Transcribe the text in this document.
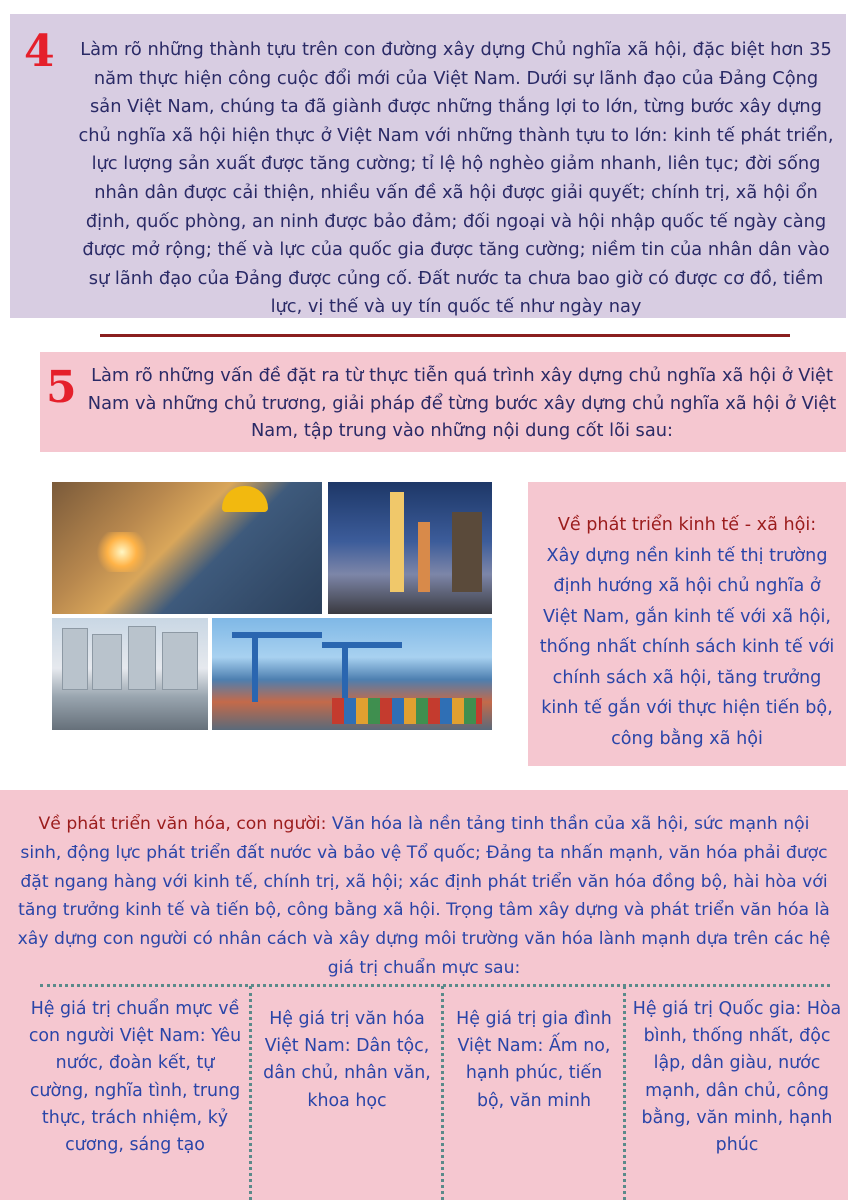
4 Làm rõ những thành tựu trên con đường xây dựng Chủ nghĩa xã hội, đặc biệt hơn 35 năm thực hiện công cuộc đổi mới của Việt Nam. Dưới sự lãnh đạo của Đảng Cộng sản Việt Nam, chúng ta đã giành được những thắng lợi to lớn, từng bước xây dựng chủ nghĩa xã hội hiện thực ở Việt Nam với những thành tựu to lớn: kinh tế phát triển, lực lượng sản xuất được tăng cường; tỉ lệ hộ nghèo giảm nhanh, liên tục; đời sống nhân dân được cải thiện, nhiều vấn đề xã hội được giải quyết; chính trị, xã hội ổn định, quốc phòng, an ninh được bảo đảm; đối ngoại và hội nhập quốc tế ngày càng được mở rộng; thế và lực của quốc gia được tăng cường; niềm tin của nhân dân vào sự lãnh đạo của Đảng được củng cố. Đất nước ta chưa bao giờ có được cơ đồ, tiềm lực, vị thế và uy tín quốc tế như ngày nay

5 Làm rõ những vấn đề đặt ra từ thực tiễn quá trình xây dựng chủ nghĩa xã hội ở Việt Nam và những chủ trương, giải pháp để từng bước xây dựng chủ nghĩa xã hội ở Việt Nam, tập trung vào những nội dung cốt lõi sau:

Về phát triển kinh tế - xã hội:
Xây dựng nền kinh tế thị trường định hướng xã hội chủ nghĩa ở Việt Nam, gắn kinh tế với xã hội, thống nhất chính sách kinh tế với chính sách xã hội, tăng trưởng kinh tế gắn với thực hiện tiến bộ, công bằng xã hội

Về phát triển văn hóa, con người: Văn hóa là nền tảng tinh thần của xã hội, sức mạnh nội sinh, động lực phát triển đất nước và bảo vệ Tổ quốc; Đảng ta nhấn mạnh, văn hóa phải được đặt ngang hàng với kinh tế, chính trị, xã hội; xác định phát triển văn hóa đồng bộ, hài hòa với tăng trưởng kinh tế và tiến bộ, công bằng xã hội. Trọng tâm xây dựng và phát triển văn hóa là xây dựng con người có nhân cách và xây dựng môi trường văn hóa lành mạnh dựa trên các hệ giá trị chuẩn mực sau:

Hệ giá trị chuẩn mực về con người Việt Nam: Yêu nước, đoàn kết, tự cường, nghĩa tình, trung thực, trách nhiệm, kỷ cương, sáng tạo

Hệ giá trị văn hóa Việt Nam: Dân tộc, dân chủ, nhân văn, khoa học

Hệ giá trị gia đình Việt Nam: Ấm no, hạnh phúc, tiến bộ, văn minh

Hệ giá trị Quốc gia: Hòa bình, thống nhất, độc lập, dân giàu, nước mạnh, dân chủ, công bằng, văn minh, hạnh phúc
